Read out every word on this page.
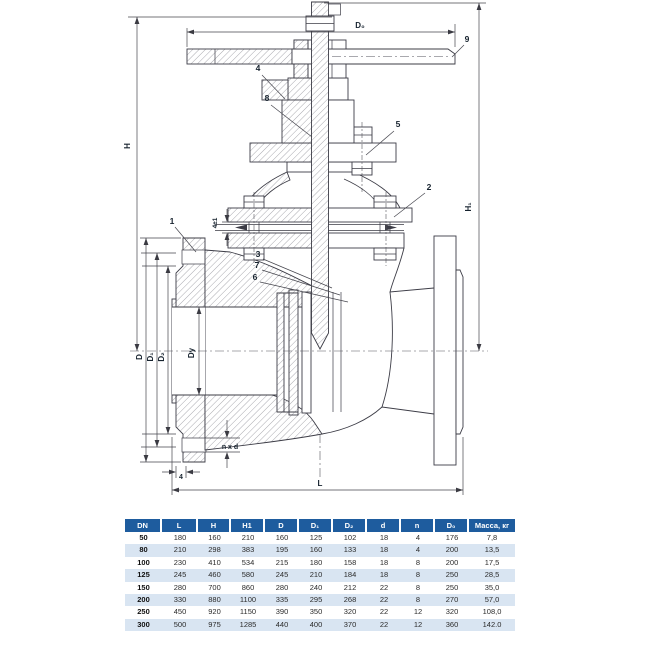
H
H₁
D₀
L
D D₁ D₂	Dy
n x d
4±1
4
1
2
3
4
5
6
7
8
9
DN	L	H	H1	D	D₁	D₂	d	n	D₀	Масса, кг
50	180	160	210	160	125	102	18	4	176	7,8
80	210	298	383	195	160	133	18	4	200	13,5
100	230	410	534	215	180	158	18	8	200	17,5
125	245	460	580	245	210	184	18	8	250	28,5
150	280	700	860	280	240	212	22	8	250	35,0
200	330	880	1100	335	295	268	22	8	270	57,0
250	450	920	1150	390	350	320	22	12	320	108,0
300	500	975	1285	440	400	370	22	12	360	142.0
